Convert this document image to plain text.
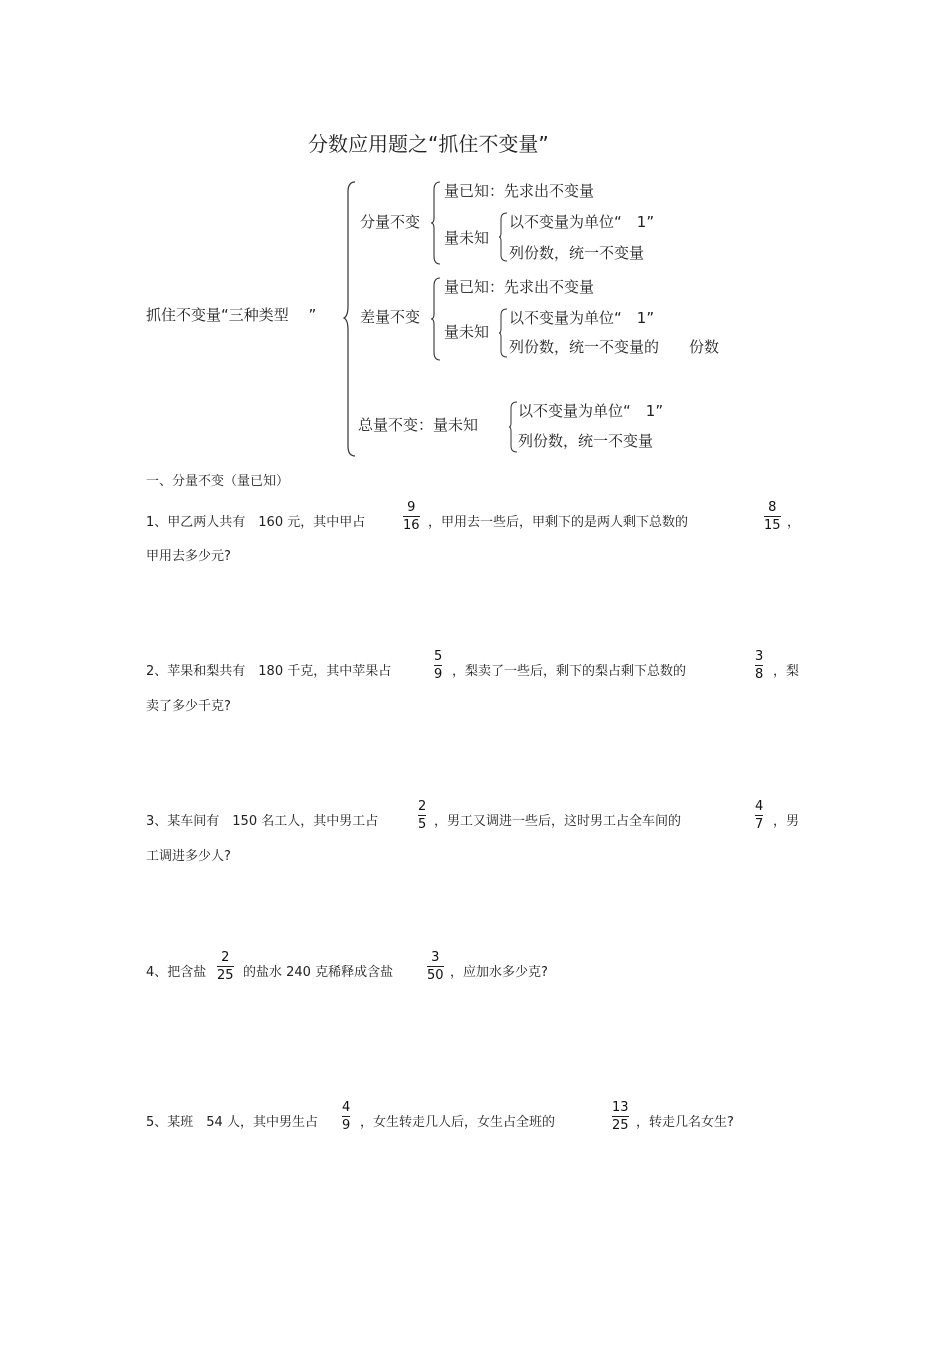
分数应用题之“抓住不变量”
抓住不变量“三种类型　 ”
分量不变
量已知：先求出不变量
量未知
以不变量为单位“　1”
列份数，统一不变量
差量不变
量已知：先求出不变量
量未知
以不变量为单位“　1”
列份数，统一不变量的　　份数
总量不变：量未知
以不变量为单位“　1”
列份数，统一不变量
一、分量不变（量已知）
1、甲乙两人共有　160 元，其中甲占
9
16 ，甲用去一些后，甲剩下的是两人剩下总数的
8
15 ，
甲用去多少元?
2、苹果和梨共有　180 千克，其中苹果占
5
9 ，梨卖了一些后，剩下的梨占剩下总数的
3
8 ，梨
卖了多少千克?
3、某车间有　150 名工人，其中男工占
2
5 ，男工又调进一些后，这时男工占全车间的
4
7 ，男
工调进多少人?
4、把含盐
2
25 的盐水 240 克稀释成含盐
3
50 ，应加水多少克?
5、某班　54 人，其中男生占
4
9 ，女生转走几人后，女生占全班的
13
25 ，转走几名女生?
